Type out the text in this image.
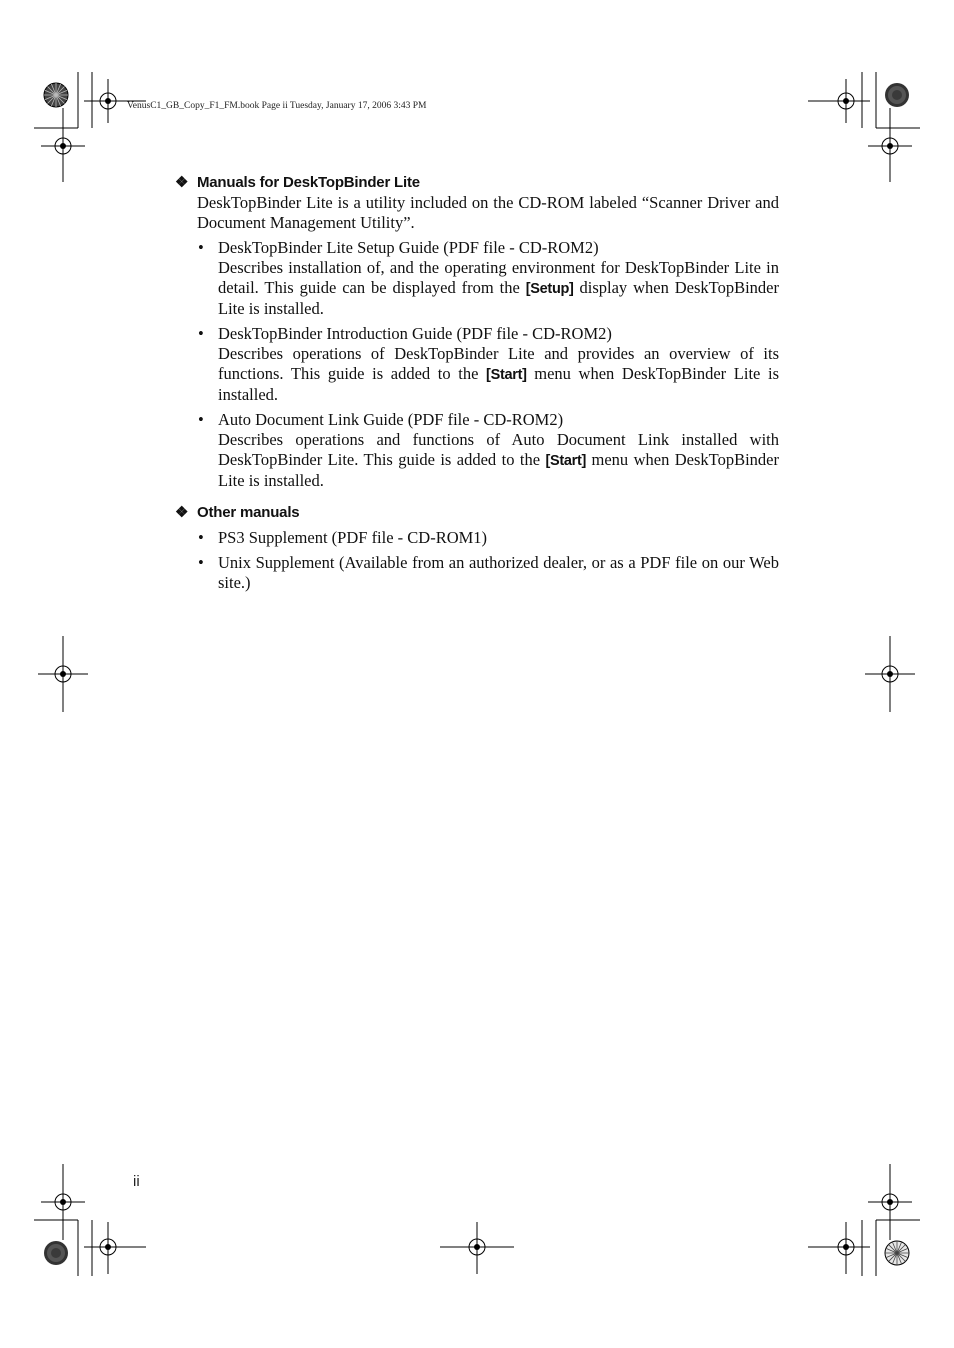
VenusC1_GB_Copy_F1_FM.book Page ii Tuesday, January 17, 2006 3:43 PM
❖ Manuals for DeskTopBinder Lite
DeskTopBinder Lite is a utility included on the CD-ROM labeled “Scanner Driver and Document Management Utility”.
• DeskTopBinder Lite Setup Guide (PDF file - CD-ROM2)
Describes installation of, and the operating environment for DeskTopBinder Lite in detail. This guide can be displayed from the [Setup] display when DeskTopBinder Lite is installed.
• DeskTopBinder Introduction Guide (PDF file - CD-ROM2)
Describes operations of DeskTopBinder Lite and provides an overview of its functions. This guide is added to the [Start] menu when DeskTopBinder Lite is installed.
• Auto Document Link Guide (PDF file - CD-ROM2)
Describes operations and functions of Auto Document Link installed with DeskTopBinder Lite. This guide is added to the [Start] menu when DeskTopBinder Lite is installed.
❖ Other manuals
• PS3 Supplement (PDF file - CD-ROM1)
• Unix Supplement (Available from an authorized dealer, or as a PDF file on our Web site.)
ii
